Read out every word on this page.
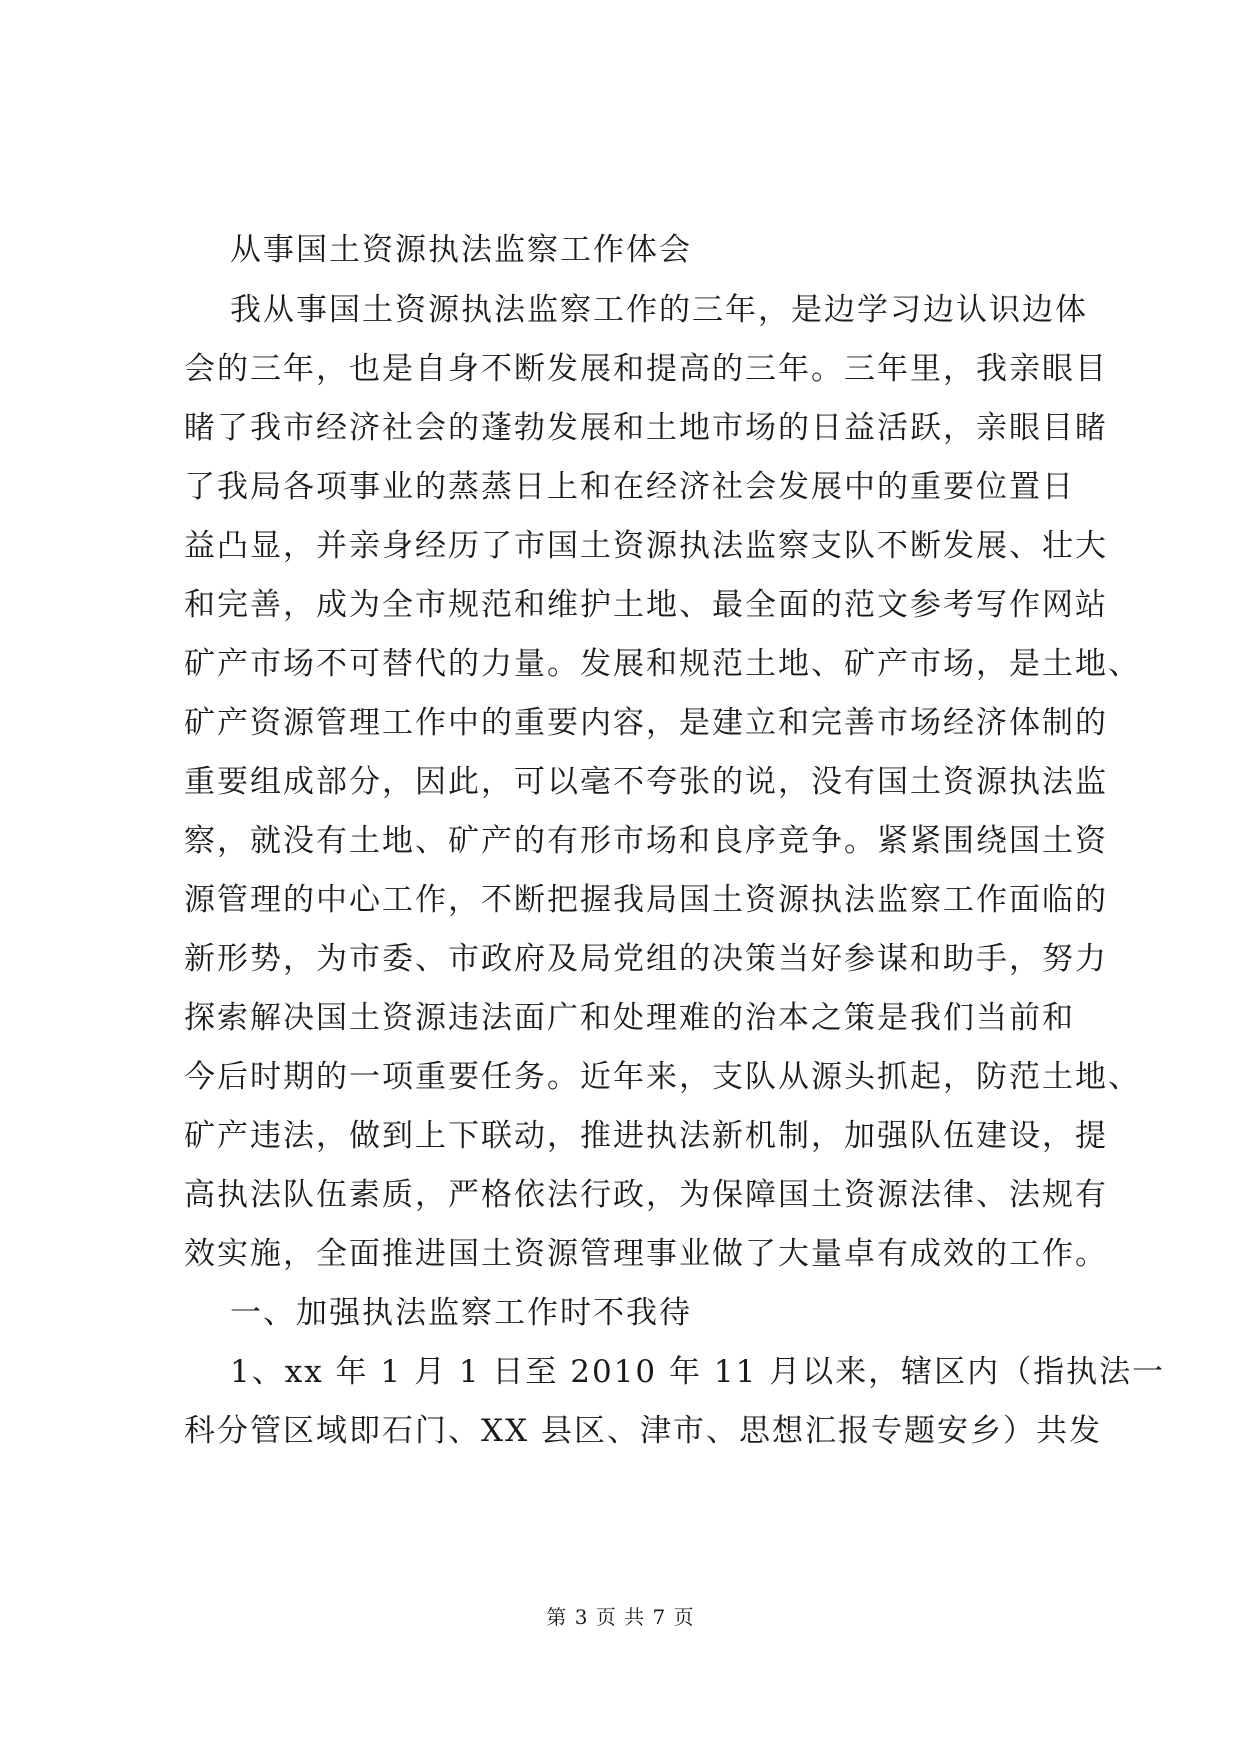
从事国土资源执法监察工作体会
我从事国土资源执法监察工作的三年，是边学习边认识边体
会的三年，也是自身不断发展和提高的三年。三年里，我亲眼目
睹了我市经济社会的蓬勃发展和土地市场的日益活跃，亲眼目睹
了我局各项事业的蒸蒸日上和在经济社会发展中的重要位置日
益凸显，并亲身经历了市国土资源执法监察支队不断发展、壮大
和完善，成为全市规范和维护土地、最全面的范文参考写作网站
矿产市场不可替代的力量。发展和规范土地、矿产市场，是土地、
矿产资源管理工作中的重要内容，是建立和完善市场经济体制的
重要组成部分，因此，可以毫不夸张的说，没有国土资源执法监
察，就没有土地、矿产的有形市场和良序竞争。紧紧围绕国土资
源管理的中心工作，不断把握我局国土资源执法监察工作面临的
新形势，为市委、市政府及局党组的决策当好参谋和助手，努力
探索解决国土资源违法面广和处理难的治本之策是我们当前和
今后时期的一项重要任务。近年来，支队从源头抓起，防范土地、
矿产违法，做到上下联动，推进执法新机制，加强队伍建设，提
高执法队伍素质，严格依法行政，为保障国土资源法律、法规有
效实施，全面推进国土资源管理事业做了大量卓有成效的工作。
一、加强执法监察工作时不我待
1、xx 年 1 月 1 日至 2010 年 11 月以来，辖区内（指执法一
科分管区域即石门、XX 县区、津市、思想汇报专题安乡）共发
第 3 页 共 7 页
